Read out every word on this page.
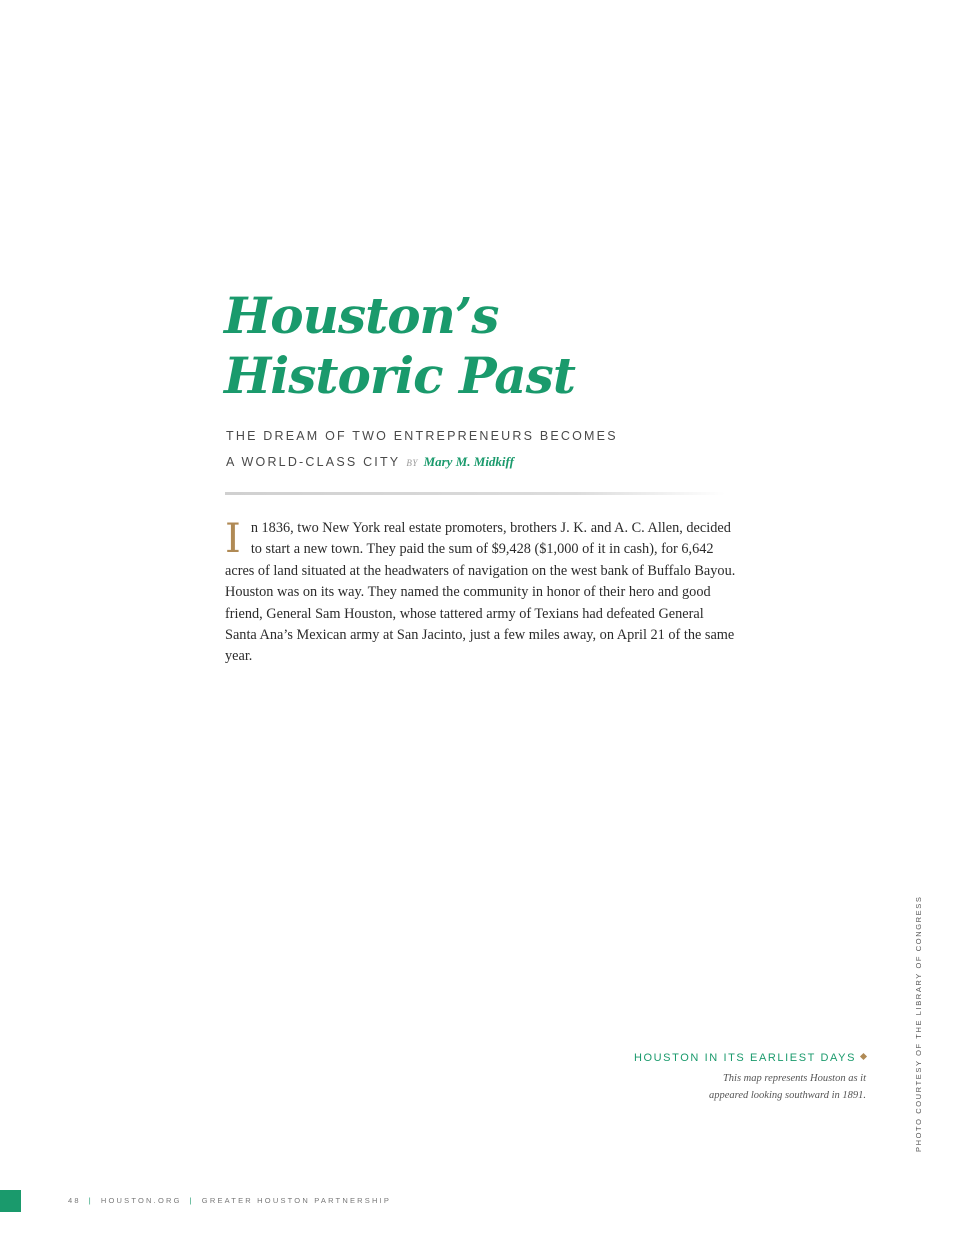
Houston’s
Historic Past
THE DREAM OF TWO ENTREPRENEURS BECOMES
A WORLD-CLASS CITY BY Mary M. Midkiff

In 1836, two New York real estate promoters, brothers J. K. and A. C. Allen, decided to start a new town. They paid the sum of $9,428 ($1,000 of it in cash), for 6,642 acres of land situated at the headwaters of navigation on the west bank of Buffalo Bayou. Houston was on its way. They named the community in honor of their hero and good friend, General Sam Houston, whose tattered army of Texians had defeated General Santa Ana’s Mexican army at San Jacinto, just a few miles away, on April 21 of the same year.

PHOTO COURTESY OF THE LIBRARY OF CONGRESS
HOUSTON IN ITS EARLIEST DAYS
This map represents Houston as it
appeared looking southward in 1891.
48 | HOUSTON.ORG | GREATER HOUSTON PARTNERSHIP
